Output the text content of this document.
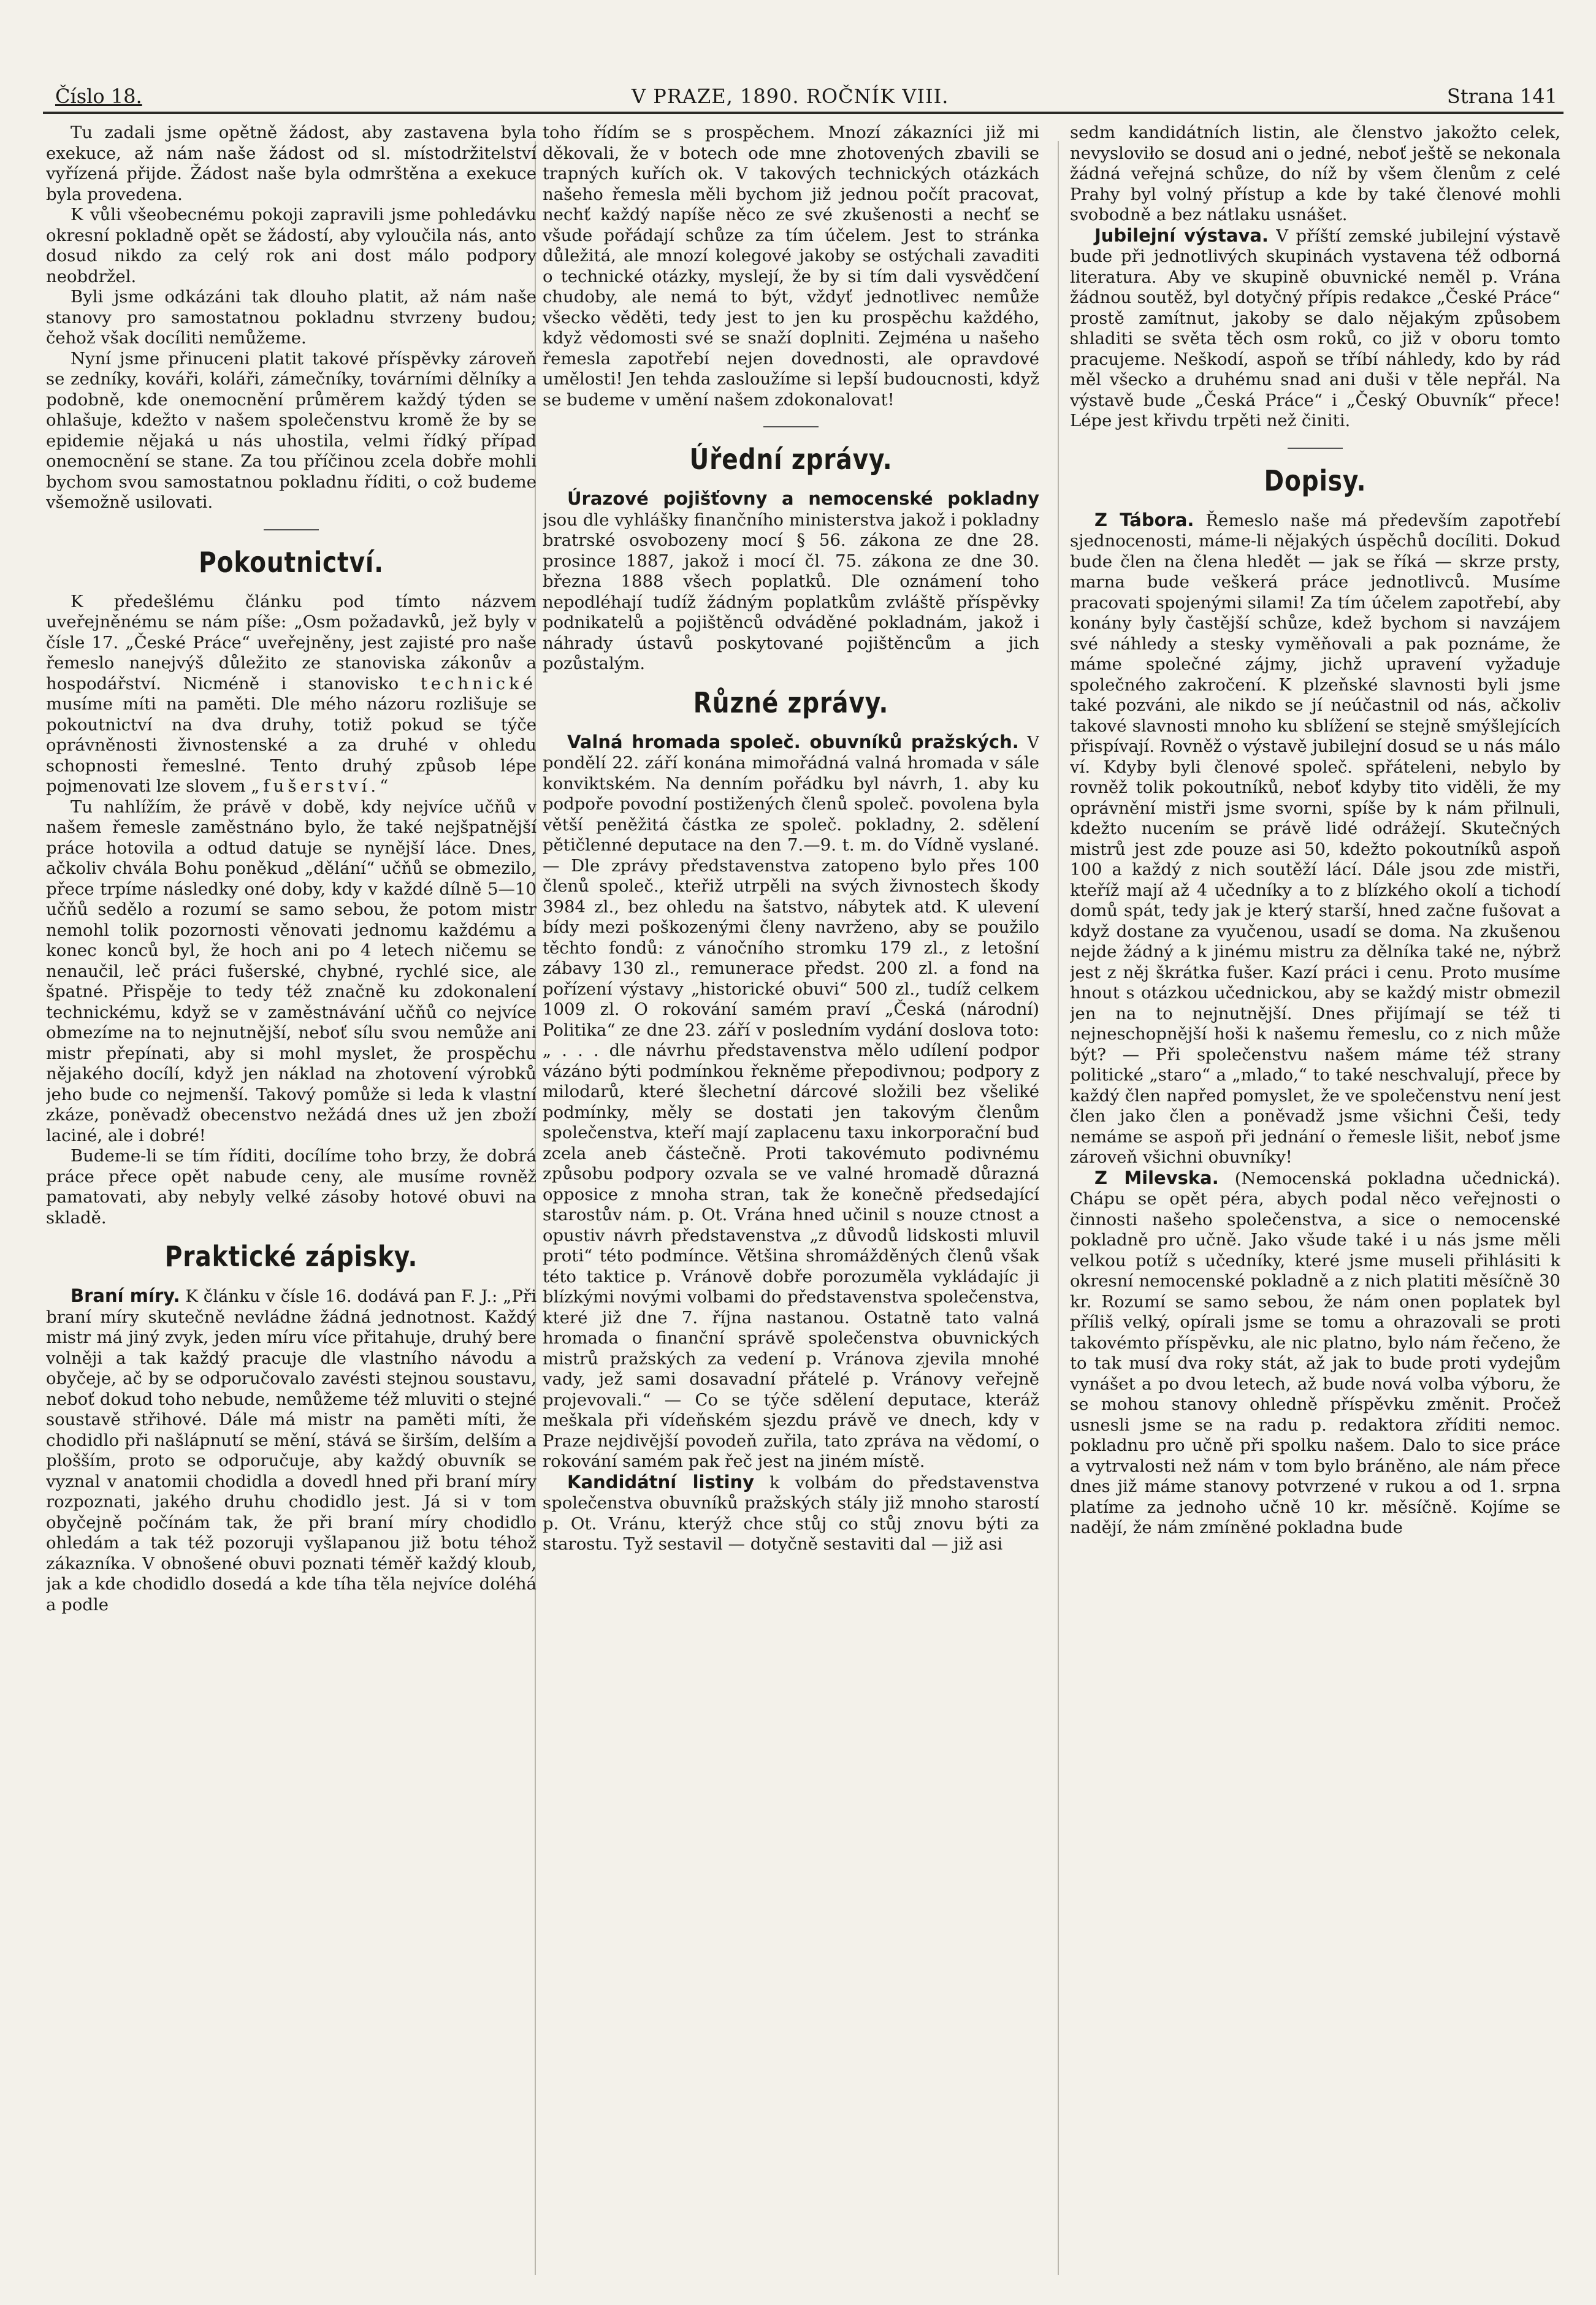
Číslo 18.	V PRAZE, 1890. ROČNÍK VIII.	Strana 141

Tu zadali jsme opětně žádost, aby zastavena byla exekuce, až nám naše žádost od sl. místodržitelství vyřízená přijde. Žádost naše byla odmrštěna a exekuce byla provedena.

K vůli všeobecnému pokoji zapravili jsme pohledávku okresní pokladně opět se žádostí, aby vyloučila nás, anto dosud nikdo za celý rok ani dost málo podpory neobdržel.

Byli jsme odkázáni tak dlouho platit, až nám naše stanovy pro samostatnou pokladnu stvrzeny budou; čehož však docíliti nemůžeme.

Nyní jsme přinuceni platit takové příspěvky zároveň se zedníky, kováři, koláři, zámečníky, továrními dělníky a podobně, kde onemocnění průměrem každý týden se ohlašuje, kdežto v našem společenstvu kromě že by se epidemie nějaká u nás uhostila, velmi řídký případ onemocnění se stane. Za tou příčinou zcela dobře mohli bychom svou samostatnou pokladnu říditi, o což budeme všemožně usilovati.

Pokoutnictví.

K předešlému článku pod tímto názvem uveřejněnému se nám píše: „Osm požadavků, jež byly v čísle 17. „České Práce“ uveřejněny, jest zajisté pro naše řemeslo nanejvýš důležito ze stanoviska zákonův a hospodářství. Nicméně i stanovisko technické musíme míti na paměti. Dle mého názoru rozlišuje se pokoutnictví na dva druhy, totiž pokud se týče oprávněnosti živnostenské a za druhé v ohledu schopnosti řemeslné. Tento druhý způsob lépe pojmenovati lze slovem „fušerství.“

Tu nahlížím, že právě v době, kdy nejvíce učňů v našem řemesle zaměstnáno bylo, že také nejšpatnější práce hotovila a odtud datuje se nynější láce. Dnes, ačkoliv chvála Bohu poněkud „dělání“ učňů se obmezilo, přece trpíme následky oné doby, kdy v každé dílně 5—10 učňů sedělo a rozumí se samo sebou, že potom mistr nemohl tolik pozornosti věnovati jednomu každému a konec konců byl, že hoch ani po 4 letech ničemu se nenaučil, leč práci fušerské, chybné, rychlé sice, ale špatné. Přispěje to tedy též značně ku zdokonalení technickému, když se v zaměstnávání učňů co nejvíce obmezíme na to nejnutnější, neboť sílu svou nemůže ani mistr přepínati, aby si mohl myslet, že prospěchu nějakého docílí, když jen náklad na zhotovení výrobků jeho bude co nejmenší. Takový pomůže si leda k vlastní zkáze, poněvadž obecenstvo nežádá dnes už jen zboží laciné, ale i dobré!

Budeme-li se tím říditi, docílíme toho brzy, že dobrá práce přece opět nabude ceny, ale musíme rovněž pamatovati, aby nebyly velké zásoby hotové obuvi na skladě.

Praktické zápisky.

Braní míry. K článku v čísle 16. dodává pan F. J.: „Při braní míry skutečně nevládne žádná jednotnost. Každý mistr má jiný zvyk, jeden míru více přitahuje, druhý bere volněji a tak každý pracuje dle vlastního návodu a obyčeje, ač by se odporučovalo zavésti stejnou soustavu, neboť dokud toho nebude, nemůžeme též mluviti o stejné soustavě střihové. Dále má mistr na paměti míti, že chodidlo při našlápnutí se mění, stává se širším, delším a plošším, proto se odporučuje, aby každý obuvník se vyznal v anatomii chodidla a dovedl hned při braní míry rozpoznati, jakého druhu chodidlo jest. Já si v tom obyčejně počínám tak, že při braní míry chodidlo ohledám a tak též pozoruji vyšlapanou již botu téhož zákazníka. V obnošené obuvi poznati téměř každý kloub, jak a kde chodidlo dosedá a kde tíha těla nejvíce doléhá a podle

toho řídím se s prospěchem. Mnozí zákazníci již mi děkovali, že v botech ode mne zhotovených zbavili se trapných kuřích ok. V takových technických otázkách našeho řemesla měli bychom již jednou počít pracovat, nechť každý napíše něco ze své zkušenosti a nechť se všude pořádají schůze za tím účelem. Jest to stránka důležitá, ale mnozí kolegové jakoby se ostýchali zavaditi o technické otázky, myslejí, že by si tím dali vysvědčení chudoby, ale nemá to být, vždyť jednotlivec nemůže všecko věděti, tedy jest to jen ku prospěchu každého, když vědomosti své se snaží doplniti. Zejména u našeho řemesla zapotřebí nejen dovednosti, ale opravdové umělosti! Jen tehda zasloužíme si lepší budoucnosti, když se budeme v umění našem zdokonalovat!

Úřední zprávy.

Úrazové pojišťovny a nemocenské pokladny jsou dle vyhlášky finančního ministerstva jakož i pokladny bratrské osvobozeny mocí § 56. zákona ze dne 28. prosince 1887, jakož i mocí čl. 75. zákona ze dne 30. března 1888 všech poplatků. Dle oznámení toho nepodléhají tudíž žádným poplatkům zvláště příspěvky podnikatelů a pojištěnců odváděné pokladnám, jakož i náhrady ústavů poskytované pojištěncům a jich pozůstalým.

Různé zprávy.

Valná hromada společ. obuvníků pražských. V pondělí 22. září konána mimořádná valná hromada v sále konviktském. Na denním pořádku byl návrh, 1. aby ku podpoře povodní postižených členů společ. povolena byla větší peněžitá částka ze společ. pokladny, 2. sdělení pětičlenné deputace na den 7.—9. t. m. do Vídně vyslané. — Dle zprávy představenstva zatopeno bylo přes 100 členů společ., kteřiž utrpěli na svých živnostech škody 3984 zl., bez ohledu na šatstvo, nábytek atd. K ulevení bídy mezi poškozenými členy navrženo, aby se použilo těchto fondů: z vánočního stromku 179 zl., z letošní zábavy 130 zl., remunerace předst. 200 zl. a fond na pořízení výstavy „historické obuvi“ 500 zl., tudíž celkem 1009 zl. O rokování samém praví „Česká (národní) Politika“ ze dne 23. září v posledním vydání doslova toto: „ . . . dle návrhu představenstva mělo udílení podpor vázáno býti podmínkou řekněme přepodivnou; podpory z milodarů, které šlechetní dárcové složili bez všeliké podmínky, měly se dostati jen takovým členům společenstva, kteří mají zaplacenu taxu inkorporační bud zcela aneb částečně. Proti takovémuto podivnému způsobu podpory ozvala se ve valné hromadě důrazná opposice z mnoha stran, tak že konečně předsedající starostův nám. p. Ot. Vrána hned učinil s nouze ctnost a opustiv návrh představenstva „z důvodů lidskosti mluvil proti“ této podmínce. Většina shromážděných členů však této taktice p. Vránově dobře porozuměla vykládajíc ji blízkými novými volbami do představenstva společenstva, které již dne 7. října nastanou. Ostatně tato valná hromada o finanční správě společenstva obuvnických mistrů pražských za vedení p. Vránova zjevila mnohé vady, jež sami dosavadní přátelé p. Vránovy veřejně projevovali.“ — Co se týče sdělení deputace, kteráž meškala při vídeňském sjezdu právě ve dnech, kdy v Praze nejdivější povodeň zuřila, tato zpráva na vědomí, o rokování samém pak řeč jest na jiném místě.

Kandidátní listiny k volbám do představenstva společenstva obuvníků pražských stály již mnoho starostí p. Ot. Vránu, kterýž chce stůj co stůj znovu býti za starostu. Tyž sestavil — dotyčně sestaviti dal — již asi

sedm kandidátních listin, ale členstvo jakožto celek, nevysloviło se dosud ani o jedné, neboť ještě se nekonala žádná veřejná schůze, do níž by všem členům z celé Prahy byl volný přístup a kde by také členové mohli svobodně a bez nátlaku usnášet.

Jubilejní výstava. V příští zemské jubilejní výstavě bude při jednotlivých skupinách vystavena též odborná literatura. Aby ve skupině obuvnické neměl p. Vrána žádnou soutěž, byl dotyčný přípis redakce „České Práce“ prostě zamítnut, jakoby se dalo nějakým způsobem shladiti se světa těch osm roků, co již v oboru tomto pracujeme. Neškodí, aspoň se tříbí náhledy, kdo by rád měl všecko a druhému snad ani duši v těle nepřál. Na výstavě bude „Česká Práce“ i „Český Obuvník“ přece! Lépe jest křivdu trpěti než činiti.

Dopisy.

Z Tábora. Řemeslo naše má především zapotřebí sjednocenosti, máme-li nějakých úspěchů docíliti. Dokud bude člen na člena hledět — jak se říká — skrze prsty, marna bude veškerá práce jednotlivců. Musíme pracovati spojenými silami! Za tím účelem zapotřebí, aby konány byly častější schůze, kdež bychom si navzájem své náhledy a stesky vyměňovali a pak poznáme, že máme společné zájmy, jichž upravení vyžaduje společného zakročení. K plzeňské slavnosti byli jsme také pozváni, ale nikdo se jí neúčastnil od nás, ačkoliv takové slavnosti mnoho ku sblížení se stejně smýšlejících přispívají. Rovněž o výstavě jubilejní dosud se u nás málo ví. Kdyby byli členové společ. spřáteleni, nebylo by rovněž tolik pokoutníků, neboť kdyby tito viděli, že my oprávnění mistři jsme svorni, spíše by k nám přilnuli, kdežto nucením se právě lidé odrážejí. Skutečných mistrů jest zde pouze asi 50, kdežto pokoutníků aspoň 100 a každý z nich soutěží lácí. Dále jsou zde mistři, kteříž mají až 4 učedníky a to z blízkého okolí a tichodí domů spát, tedy jak je který starší, hned začne fušovat a když dostane za vyučenou, usadí se doma. Na zkušenou nejde žádný a k jinému mistru za dělníka také ne, nýbrž jest z něj škrátka fušer. Kazí práci i cenu. Proto musíme hnout s otázkou učednickou, aby se každý mistr obmezil jen na to nejnutnější. Dnes přijímají se též ti nejneschopnější hoši k našemu řemeslu, co z nich může být? — Při společenstvu našem máme též strany politické „staro“ a „mlado,“ to také neschvalují, přece by každý člen napřed pomyslet, že ve společenstvu není jest člen jako člen a poněvadž jsme všichni Češi, tedy nemáme se aspoň při jednání o řemesle lišit, neboť jsme zároveň všichni obuvníky!

Z Milevska. (Nemocenská pokladna učednická). Chápu se opět péra, abych podal něco veřejnosti o činnosti našeho společenstva, a sice o nemocenské pokladně pro učně. Jako všude také i u nás jsme měli velkou potíž s učedníky, které jsme museli přihlásiti k okresní nemocenské pokladně a z nich platiti měsíčně 30 kr. Rozumí se samo sebou, že nám onen poplatek byl příliš velký, opírali jsme se tomu a ohrazovali se proti takovémto příspěvku, ale nic platno, bylo nám řečeno, že to tak musí dva roky stát, až jak to bude proti vydejům vynášet a po dvou letech, až bude nová volba výboru, že se mohou stanovy ohledně příspěvku změnit. Pročež usnesli jsme se na radu p. redaktora zříditi nemoc. pokladnu pro učně při spolku našem. Dalo to sice práce a vytrvalosti než nám v tom bylo bráněno, ale nám přece dnes již máme stanovy potvrzené v rukou a od 1. srpna platíme za jednoho učně 10 kr. měsíčně. Kojíme se nadějí, že nám zmíněné pokladna bude
